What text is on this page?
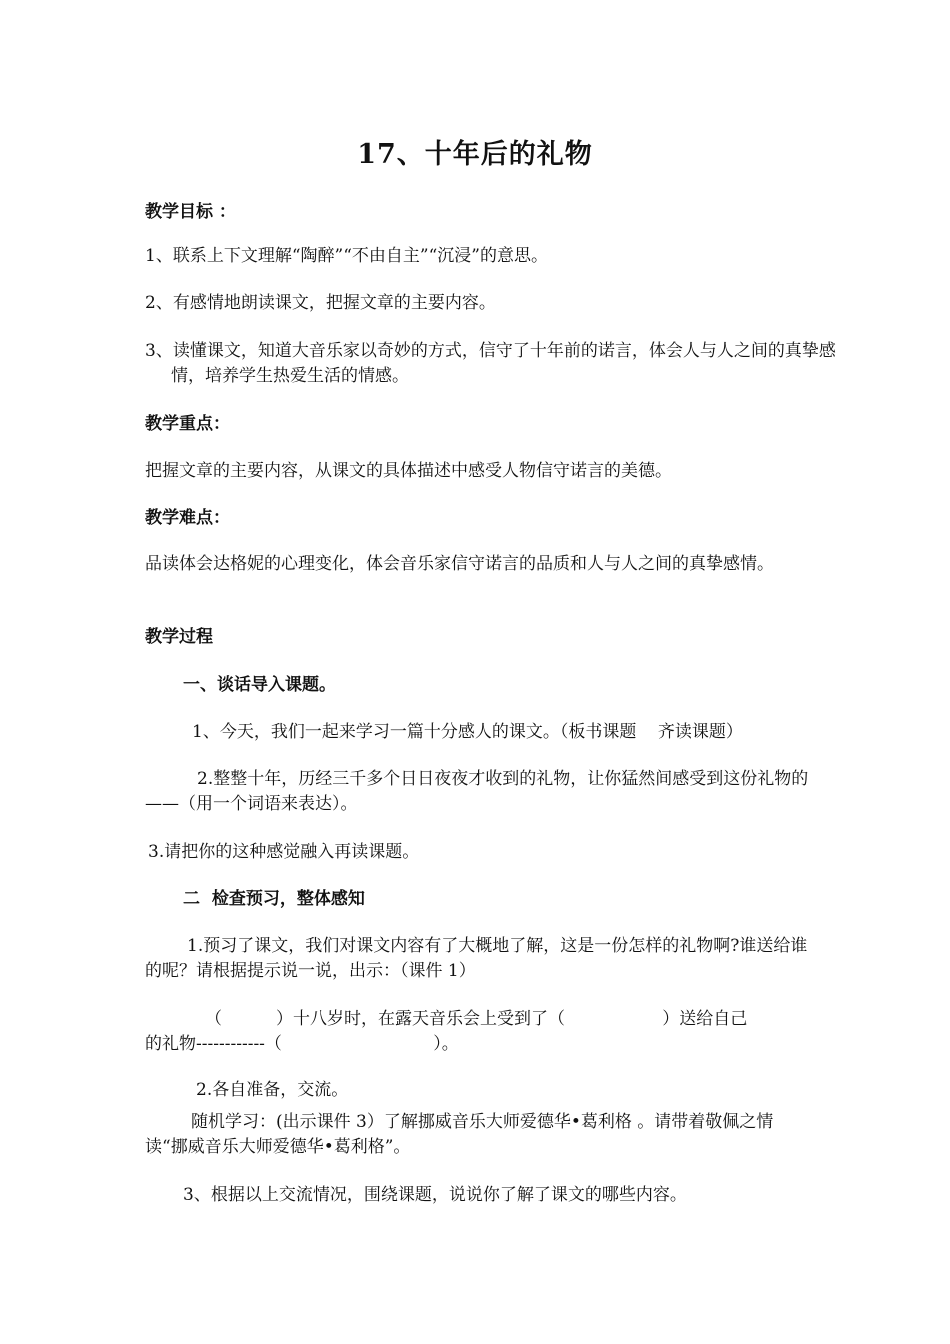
17、十年后的礼物
教学目标 ：
1、联系上下文理解“陶醉”“不由自主”“沉浸”的意思。
2、有感情地朗读课文，把握文章的主要内容。
3、读懂课文，知道大音乐家以奇妙的方式，信守了十年前的诺言，体会人与人之间的真挚感情，培养学生热爱生活的情感。
教学重点：
把握文章的主要内容，从课文的具体描述中感受人物信守诺言的美德。
教学难点：
品读体会达格妮的心理变化，体会音乐家信守诺言的品质和人与人之间的真挚感情。
教学过程
一、谈话导入课题。
1、今天，我们一起来学习一篇十分感人的课文。（板书课题    齐读课题）
2.整整十年，历经三千多个日日夜夜才收到的礼物，让你猛然间感受到这份礼物的——（用一个词语来表达）。
3.请把你的这种感觉融入再读课题。
二  检查预习，整体感知
1.预习了课文，我们对课文内容有了大概地了解，这是一份怎样的礼物啊?谁送给谁的呢？请根据提示说一说，出示：（课件 1）
（          ）十八岁时，在露天音乐会上受到了（                  ）送给自己
的礼物------------（                            ）。
2.各自准备，交流。
随机学习：(出示课件 3）了解挪威音乐大师爱德华•葛利格 。请带着敬佩之情读“挪威音乐大师爱德华•葛利格”。
3、根据以上交流情况，围绕课题，说说你了解了课文的哪些内容。
